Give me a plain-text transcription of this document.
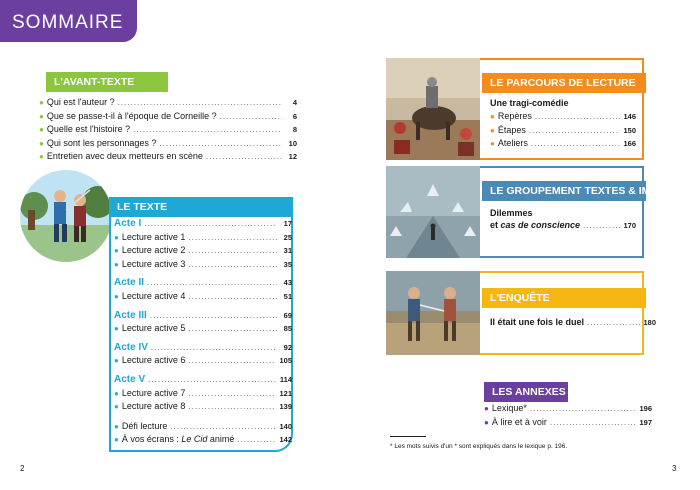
SOMMAIRE
L'AVANT-TEXTE
● Qui est l'auteur ? .....	4
● Que se passe-t-il à l'époque de Corneille ? .....	6
● Quelle est l'histoire ? .....	8
● Qui sont les personnages ? .....	10
● Entretien avec deux metteurs en scène .....	12
LE TEXTE
Acte I .....	17
● Lecture active 1 .....	25
● Lecture active 2 .....	31
● Lecture active 3 .....	35
Acte II .....	43
● Lecture active 4 .....	51
Acte III .....	69
● Lecture active 5 .....	85
Acte IV .....	92
● Lecture active 6 .....	105
Acte V .....	114
● Lecture active 7 .....	121
● Lecture active 8 .....	139
● Défi lecture .....	140
● À vos écrans : Le Cid animé .....	142
2
LE PARCOURS DE LECTURE
Une tragi-comédie
● Repères .....	146
● Étapes .....	150
● Ateliers .....	166
LE GROUPEMENT TEXTES & IMAGES
Dilemmes
et cas de conscience .....	170
L'ENQUÊTE
Il était une fois le duel .....	180
LES ANNEXES
● Lexique* .....	196
● À lire et à voir .....	197
* Les mots suivis d'un * sont expliqués dans le lexique p. 196.
3
